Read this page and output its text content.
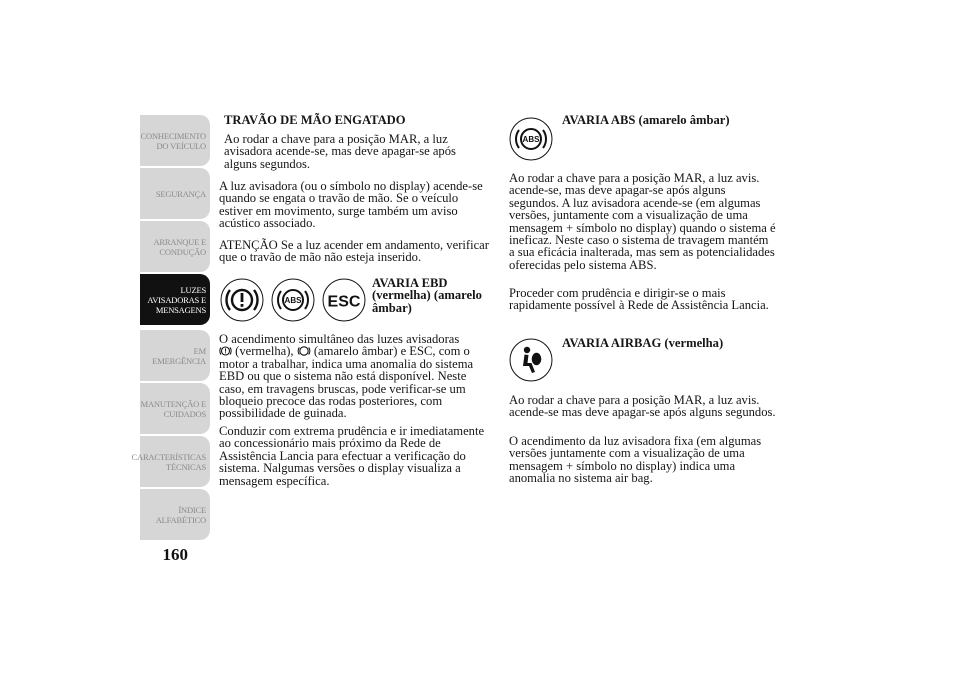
CONHECIMENTO
DO VEÍCULO
SEGURANÇA
ARRANQUE E
CONDUÇÃO
LUZES
AVISADORAS E
MENSAGENS
EM EMERGÊNCIA
MANUTENÇÃO E
CUIDADOS
CARACTERÍSTICAS
TÉCNICAS
ÍNDICE
ALFABÉTICO
160

TRAVÃO DE MÃO ENGATADO

Ao rodar a chave para a posição MAR, a luz avisadora acende-se, mas deve apagar-se após alguns segundos.

A luz avisadora (ou o símbolo no display) acende-se quando se engata o travão de mão. Se o veículo estiver em movimento, surge também um aviso acústico associado.

ATENÇÃO Se a luz acender em andamento, verificar que o travão de mão não esteja inserido.

ABS ESC

AVARIA EBD (vermelha) (amarelo âmbar)

O acendimento simultâneo das luzes avisadoras
(vermelha), (amarelo âmbar) e ESC, com o motor a trabalhar, indica uma anomalia do sistema EBD ou que o sistema não está disponível. Neste caso, em travagens bruscas, pode verificar-se um bloqueio precoce das rodas posteriores, com possibilidade de guinada.

Conduzir com extrema prudência e ir imediatamente ao concessionário mais próximo da Rede de Assistência Lancia para efectuar a verificação do sistema. Nalgumas versões o display visualiza a mensagem específica.

ABS

AVARIA ABS (amarelo âmbar)

Ao rodar a chave para a posição MAR, a luz avis. acende-se, mas deve apagar-se após alguns segundos. A luz avisadora acende-se (em algumas versões, juntamente com a visualização de uma mensagem + símbolo no display) quando o sistema é ineficaz. Neste caso o sistema de travagem mantém a sua eficácia inalterada, mas sem as potencialidades oferecidas pelo sistema ABS.

Proceder com prudência e dirigir-se o mais rapidamente possível à Rede de Assistência Lancia.

AVARIA AIRBAG (vermelha)

Ao rodar a chave para a posição MAR, a luz avis. acende-se mas deve apagar-se após alguns segundos.

O acendimento da luz avisadora fixa (em algumas versões juntamente com a visualização de uma mensagem + símbolo no display) indica uma anomalia no sistema air bag.
